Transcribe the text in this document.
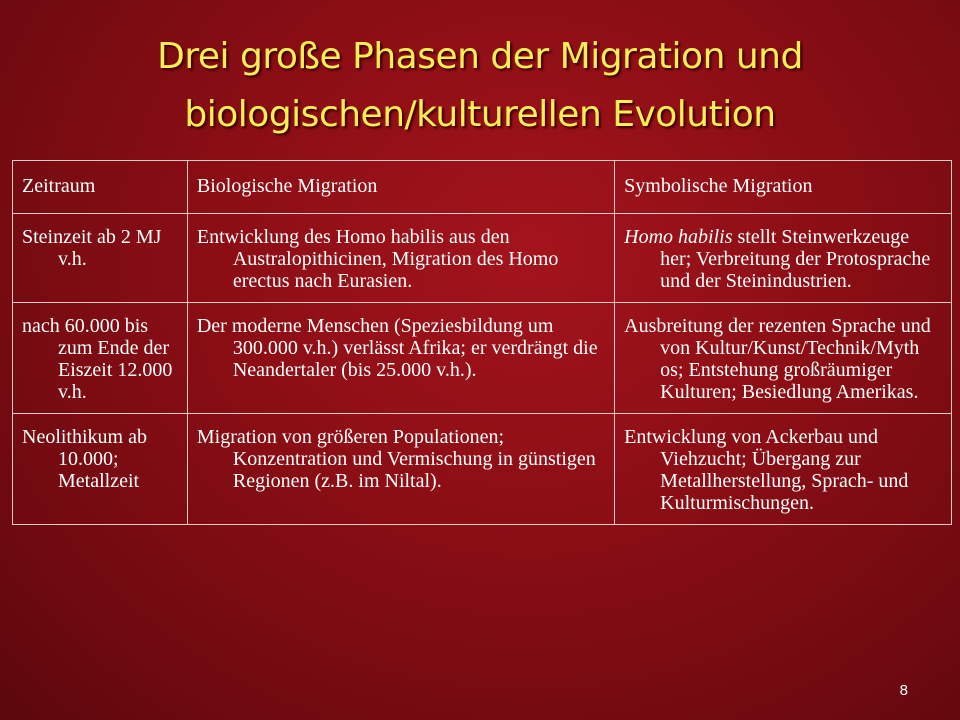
Drei große Phasen der Migration und
biologischen/kulturellen Evolution
Zeitraum	Biologische Migration	Symbolische Migration

Steinzeit ab 2 MJ v.h.	Entwicklung des Homo habilis aus den Australopithicinen, Migration des Homo erectus nach Eurasien.	Homo habilis stellt Steinwerkzeuge her; Verbreitung der Protosprache und der Steinindustrien.

nach 60.000 bis zum Ende der Eiszeit 12.000 v.h.	Der moderne Menschen (Speziesbildung um 300.000 v.h.) verlässt Afrika; er verdrängt die Neandertaler (bis 25.000 v.h.).	Ausbreitung der rezenten Sprache und von Kultur/Kunst/Technik/Myth os; Entstehung großräumiger Kulturen; Besiedlung Amerikas.

Neolithikum ab 10.000; Metallzeit	Migration von größeren Populationen; Konzentration und Vermischung in günstigen Regionen (z.B. im Niltal).	Entwicklung von Ackerbau und Viehzucht; Übergang zur Metallherstellung, Sprach- und Kulturmischungen.
8
